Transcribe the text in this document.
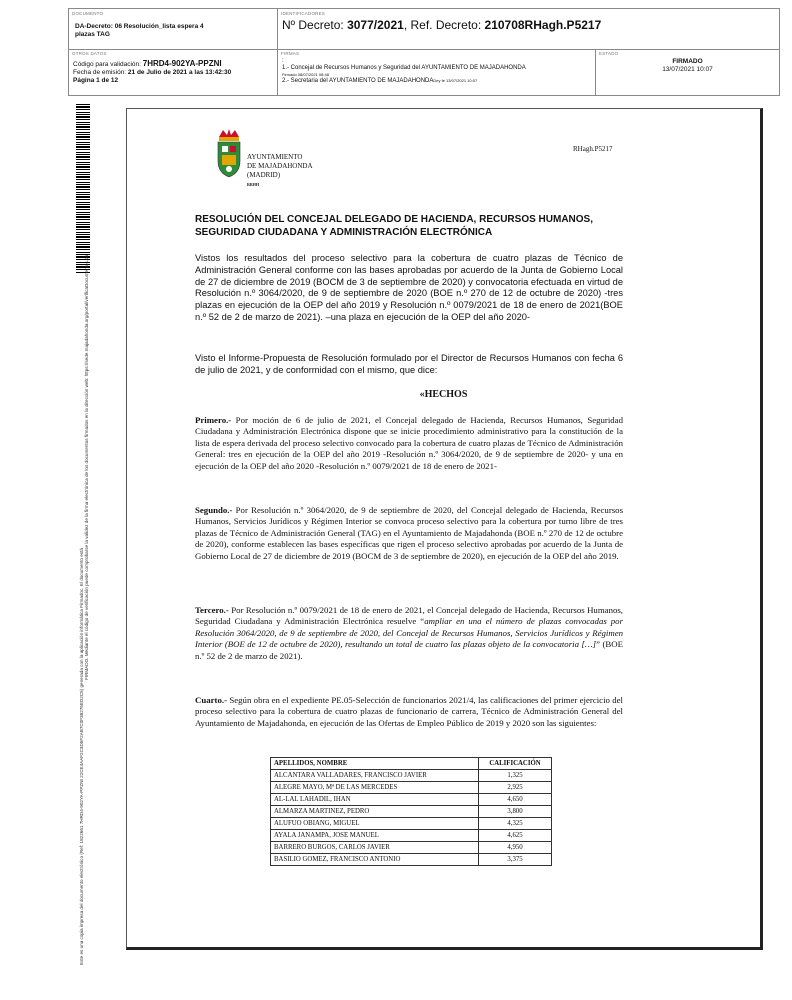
DOCUMENTO
DA-Decreto: 06 Resolución_lista espera 4
plazas TAG
IDENTIFICADORES
Nº Decreto: 3077/2021, Ref. Decreto: 210708RHagh.P5217
OTROS DATOS
Código para validación: 7HRD4-902YA-PPZNI
Fecha de emisión: 21 de Julio de 2021 a las 13:42:30
Página 1 de 12
FIRMAS
:
1.- Concejal de Recursos Humanos y Seguridad del AYUNTAMIENTO DE MAJADAHONDA
Firmado 08/07/2021 08:48
2.- Secretaria del AYUNTAMIENTO DE MAJADAHONDADey fe 13/07/2021 10:07
ESTADO
FIRMADO
13/07/2021 10:07
FIRMADO. Mediante el código de verificación puede comprobarse la validez de la firma electrónica de los documentos firmados en la dirección web: https://sede.majadahonda.org/portal/verificaDocumentos.do
Este es una copia impresa del documento electrónico (Ref: 1822661 7HRD4-902YA-PPZNI 22CE4AAF2C3D5F2AB7C0F38276ED2C5) generada con la aplicación informática Firmadoc. El documento está
AYUNTAMIENTO
DE MAJADAHONDA
(MADRID)
RRHH
RHagh.P5217
RESOLUCIÓN DEL CONCEJAL DELEGADO DE HACIENDA, RECURSOS HUMANOS,
SEGURIDAD CIUDADANA Y ADMINISTRACIÓN ELECTRÓNICA

Vistos los resultados del proceso selectivo para la cobertura de cuatro plazas de Técnico de Administración General conforme con las bases aprobadas por acuerdo de la Junta de Gobierno Local de 27 de diciembre de 2019 (BOCM de 3 de septiembre de 2020) y convocatoria efectuada en virtud de Resolución n.º 3064/2020, de 9 de septiembre de 2020 (BOE n.º 270 de 12 de octubre de 2020) -tres plazas en ejecución de la OEP del año 2019 y Resolución n.º 0079/2021 de 18 de enero de 2021(BOE n.º 52 de 2 de marzo de 2021). –una plaza en ejecución de la OEP del año 2020-

Visto el Informe-Propuesta de Resolución formulado por el Director de Recursos Humanos con fecha 6 de julio de 2021, y de conformidad con el mismo, que dice:

«HECHOS

Primero.- Por moción de 6 de julio de 2021, el Concejal delegado de Hacienda, Recursos Humanos, Seguridad Ciudadana y Administración Electrónica dispone que se inicie procedimiento administrativo para la constitución de la lista de espera derivada del proceso selectivo convocado para la cobertura de cuatro plazas de Técnico de Administración General: tres en ejecución de la OEP del año 2019 -Resolución n.º 3064/2020, de 9 de septiembre de 2020- y una en ejecución de la OEP del año 2020 -Resolución n.º 0079/2021 de 18 de enero de 2021-

Segundo.- Por Resolución n.º 3064/2020, de 9 de septiembre de 2020, del Concejal delegado de Hacienda, Recursos Humanos, Servicios Jurídicos y Régimen Interior se convoca proceso selectivo para la cobertura por turno libre de tres plazas de Técnico de Administración General (TAG) en el Ayuntamiento de Majadahonda (BOE n.º 270 de 12 de octubre de 2020), conforme establecen las bases específicas que rigen el proceso selectivo aprobadas por acuerdo de la Junta de Gobierno Local de 27 de diciembre de 2019 (BOCM de 3 de septiembre de 2020), en ejecución de la OEP del año 2019.

Tercero.- Por Resolución n.º 0079/2021 de 18 de enero de 2021, el Concejal delegado de Hacienda, Recursos Humanos, Seguridad Ciudadana y Administración Electrónica resuelve “ampliar en una el número de plazas convocadas por Resolución 3064/2020, de 9 de septiembre de 2020, del Concejal de Recursos Humanos, Servicios Jurídicos y Régimen Interior (BOE de 12 de octubre de 2020), resultando un total de cuatro las plazas objeto de la convocatoria […]” (BOE n.º 52 de 2 de marzo de 2021).

Cuarto.- Según obra en el expediente PE.05-Selección de funcionarios 2021/4, las calificaciones del primer ejercicio del proceso selectivo para la cobertura de cuatro plazas de funcionario de carrera, Técnico de Administración General del Ayuntamiento de Majadahonda, en ejecución de las Ofertas de Empleo Público de 2019 y 2020 son las siguientes:

APELLIDOS, NOMBRE	CALIFICACIÓN
ALCANTARA VALLADARES, FRANCISCO JAVIER	1,325
ALEGRE MAYO, Mª DE LAS MERCEDES	2,925
AL-LAL LAHADIL, IHAN	4,650
ALMARZA MARTINEZ, PEDRO	3,800
ALUFUO OBIANG, MIGUEL	4,325
AYALA JANAMPA, JOSE MANUEL	4,625
BARRERO BURGOS, CARLOS JAVIER	4,950
BASILIO GOMEZ, FRANCISCO ANTONIO	3,375
